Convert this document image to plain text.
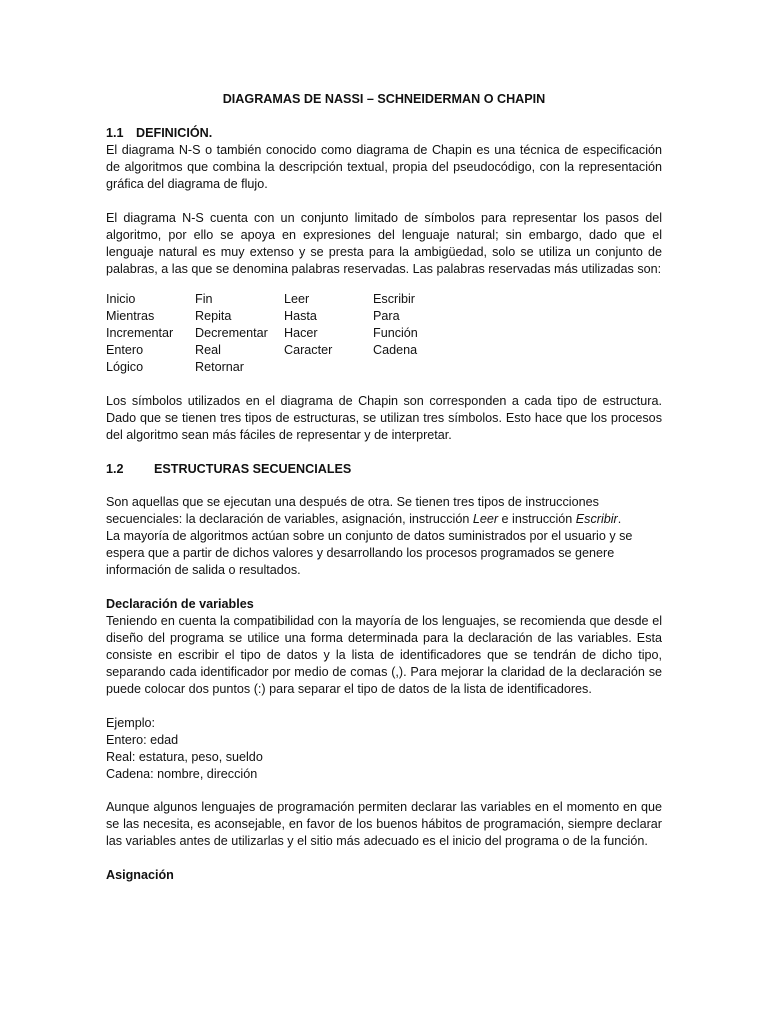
DIAGRAMAS DE NASSI – SCHNEIDERMAN O CHAPIN
1.1 DEFINICIÓN.

El diagrama N-S o también conocido como diagrama de Chapin es una técnica de especificación de algoritmos que combina la descripción textual, propia del pseudocódigo, con la representación gráfica del diagrama de flujo.

El diagrama N-S cuenta con un conjunto limitado de símbolos para representar los pasos del algoritmo, por ello se apoya en expresiones del lenguaje natural; sin embargo, dado que el lenguaje natural es muy extenso y se presta para la ambigüedad, solo se utiliza un conjunto de palabras, a las que se denomina palabras reservadas. Las palabras reservadas más utilizadas son:

Inicio	Fin	Leer	Escribir
Mientras	Repita	Hasta	Para
Incrementar	Decrementar	Hacer	Función
Entero	Real	Caracter	Cadena
Lógico	Retornar		

Los símbolos utilizados en el diagrama de Chapin son corresponden a cada tipo de estructura. Dado que se tienen tres tipos de estructuras, se utilizan tres símbolos. Esto hace que los procesos del algoritmo sean más fáciles de representar y de interpretar.

1.2 ESTRUCTURAS SECUENCIALES

Son aquellas que se ejecutan una después de otra. Se tienen tres tipos de instrucciones secuenciales: la declaración de variables, asignación, instrucción Leer e instrucción Escribir.

La mayoría de algoritmos actúan sobre un conjunto de datos suministrados por el usuario y se espera que a partir de dichos valores y desarrollando los procesos programados se genere información de salida o resultados.

Declaración de variables

Teniendo en cuenta la compatibilidad con la mayoría de los lenguajes, se recomienda que desde el diseño del programa se utilice una forma determinada para la declaración de las variables. Esta consiste en escribir el tipo de datos y la lista de identificadores que se tendrán de dicho tipo, separando cada identificador por medio de comas (,). Para mejorar la claridad de la declaración se puede colocar dos puntos (:) para separar el tipo de datos de la lista de identificadores.

Ejemplo:
Entero: edad
Real: estatura, peso, sueldo
Cadena: nombre, dirección

Aunque algunos lenguajes de programación permiten declarar las variables en el momento en que se las necesita, es aconsejable, en favor de los buenos hábitos de programación, siempre declarar las variables antes de utilizarlas y el sitio más adecuado es el inicio del programa o de la función.

Asignación
